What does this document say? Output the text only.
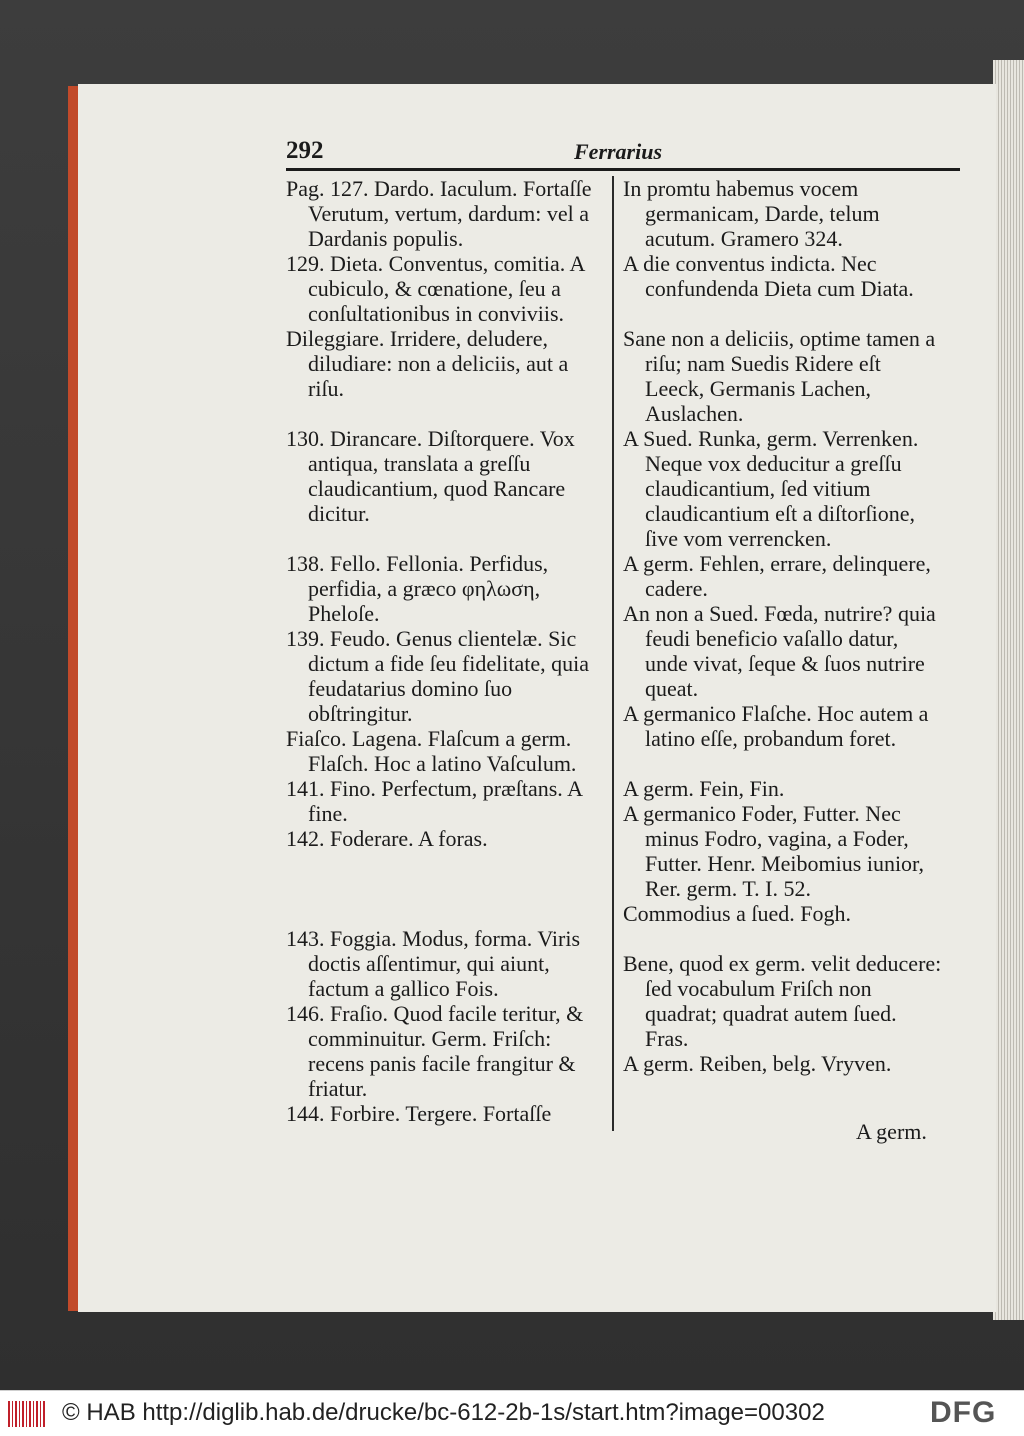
292	Ferrarius

Pag. 127. Dardo. Iaculum. Fortaſſe Verutum, vertum, dardum: vel a Dardanis populis.

129. Dieta. Conventus, comitia. A cubiculo, & cœnatione, ſeu a conſultationibus in conviviis.

Dileggiare. Irridere, deludere, diludiare: non a deliciis, aut a riſu.

130. Dirancare. Diſtorquere. Vox antiqua, translata a greſſu claudicantium, quod Rancare dicitur.

138. Fello. Fellonia. Perfidus, perfidia, a græco φηλωση, Pheloſe.

139. Feudo. Genus clientelæ. Sic dictum a fide ſeu fidelitate, quia feudatarius domino ſuo obſtringitur.

Fiaſco. Lagena. Flaſcum a germ. Flaſch. Hoc a latino Vaſculum.

141. Fino. Perfectum, præſtans. A fine.

142. Foderare. A foras.

143. Foggia. Modus, forma. Viris doctis aſſentimur, qui aiunt, factum a gallico Fois.

146. Fraſio. Quod facile teritur, & comminuitur. Germ. Friſch: recens panis facile frangitur & friatur.

144. Forbire. Tergere. Fortaſſe

In promtu habemus vocem germanicam, Darde, telum acutum. Gramero 324.

A die conventus indicta. Nec confundenda Dieta cum Diata.

Sane non a deliciis, optime tamen a riſu; nam Suedis Ridere eſt Leeck, Germanis Lachen, Auslachen.

A Sued. Runka, germ. Verrenken. Neque vox deducitur a greſſu claudicantium, ſed vitium claudicantium eſt a diſtorſione, ſive vom verrencken.

A germ. Fehlen, errare, delinquere, cadere.

An non a Sued. Fœda, nutrire? quia feudi beneficio vaſallo datur, unde vivat, ſeque & ſuos nutrire queat.

A germanico Flaſche. Hoc autem a latino eſſe, probandum foret.

A germ. Fein, Fin.

A germanico Foder, Futter. Nec minus Fodro, vagina, a Foder, Futter. Henr. Meibomius iunior, Rer. germ. T. I. 52.

Commodius a ſued. Fogh.

Bene, quod ex germ. velit deducere: ſed vocabulum Friſch non quadrat; quadrat autem ſued. Fras.

A germ. Reiben, belg. Vryven.

A germ.
© HAB http://diglib.hab.de/drucke/bc-612-2b-1s/start.htm?image=00302	DFG
